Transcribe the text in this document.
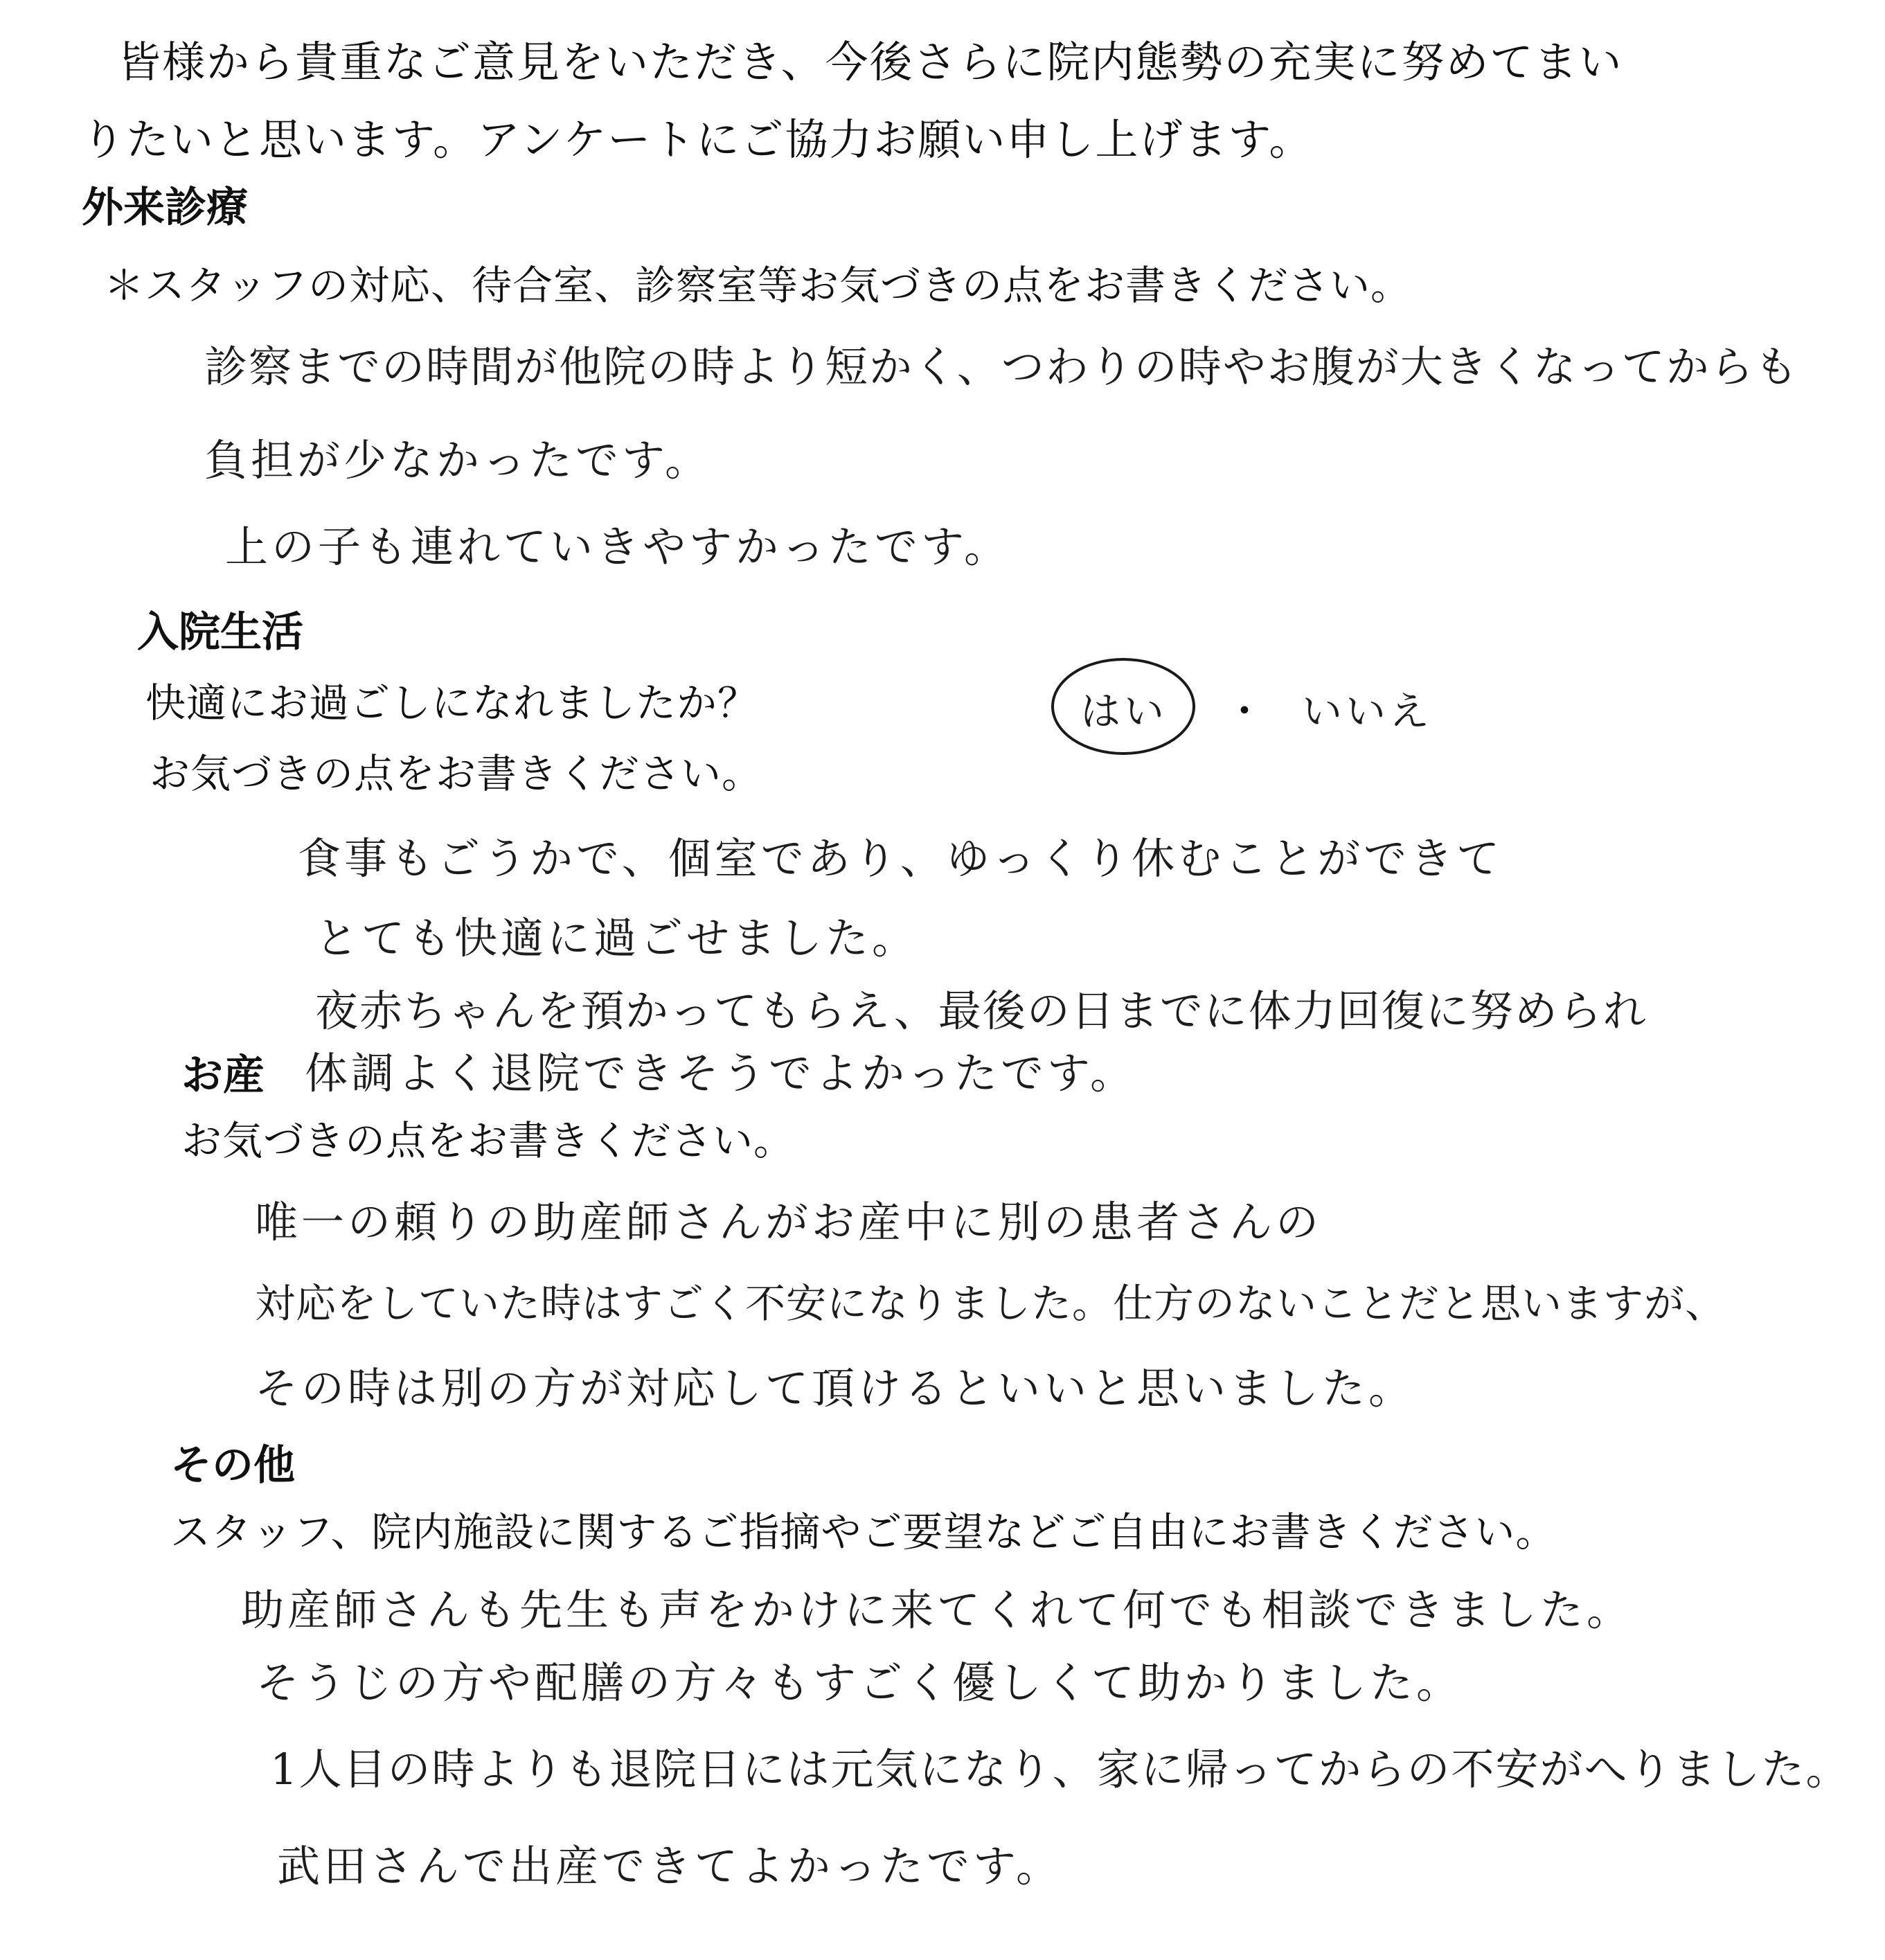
皆様から貴重なご意見をいただき、今後さらに院内態勢の充実に努めてまい
りたいと思います。アンケートにご協力お願い申し上げます。
外来診療
＊スタッフの対応、待合室、診察室等お気づきの点をお書きください。
診察までの時間が他院の時より短かく、つわりの時やお腹が大きくなってからも
負担が少なかったです。
上の子も連れていきやすかったです。
入院生活
快適にお過ごしになれましたか？	はい ・ いいえ
お気づきの点をお書きください。
食事もごうかで、個室であり、ゆっくり休むことができて
とても快適に過ごせました。
夜赤ちゃんを預かってもらえ、最後の日までに体力回復に努められ
お産 体調よく退院できそうでよかったです。
お気づきの点をお書きください。
唯一の頼りの助産師さんがお産中に別の患者さんの
対応をしていた時はすごく不安になりました。仕方のないことだと思いますが、
その時は別の方が対応して頂けるといいと思いました。
その他
スタッフ、院内施設に関するご指摘やご要望などご自由にお書きください。
助産師さんも先生も声をかけに来てくれて何でも相談できました。
そうじの方や配膳の方々もすごく優しくて助かりました。
1人目の時よりも退院日には元気になり、家に帰ってからの不安がへりました。
武田さんで出産できてよかったです。
